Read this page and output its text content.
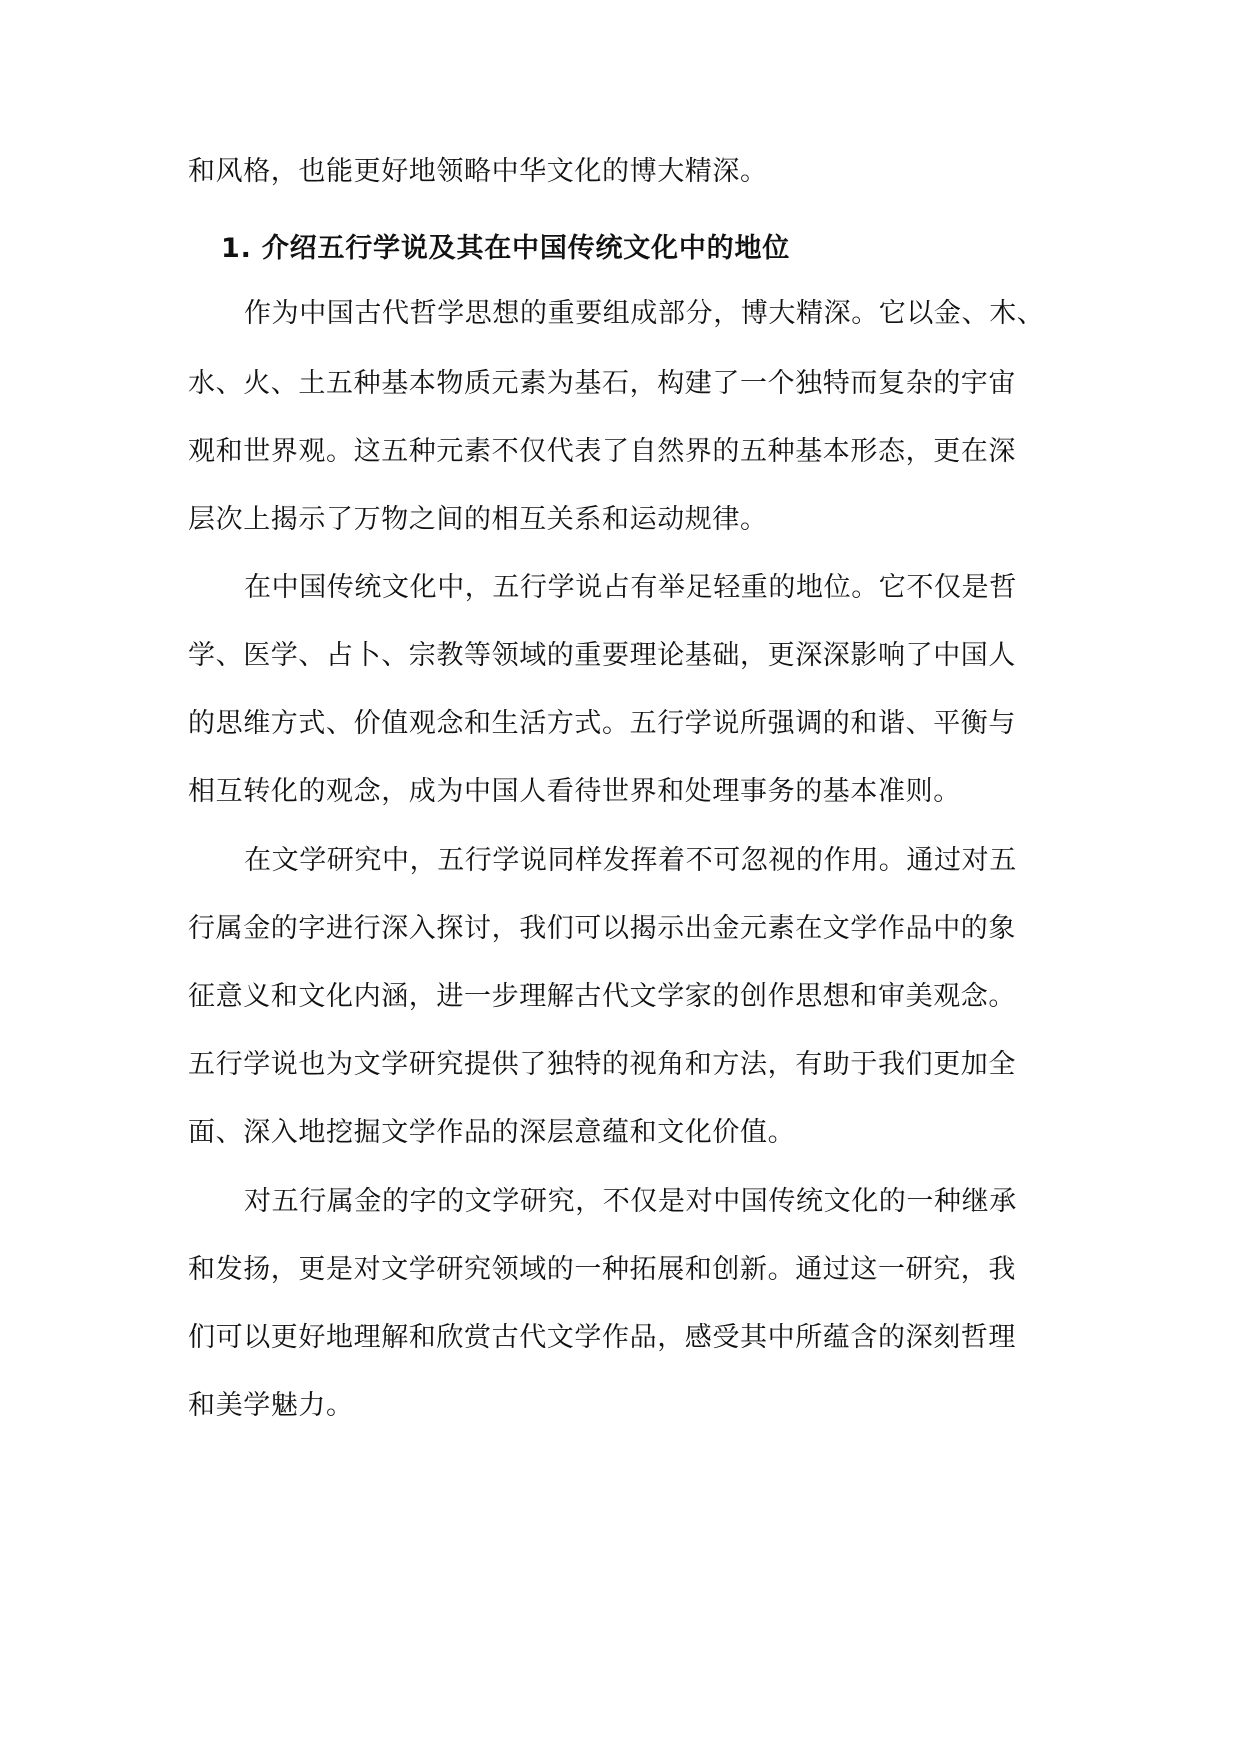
和风格，也能更好地领略中华文化的博大精深。
1. 介绍五行学说及其在中国传统文化中的地位
作为中国古代哲学思想的重要组成部分，博大精深。它以金、木、
水、火、土五种基本物质元素为基石，构建了一个独特而复杂的宇宙
观和世界观。这五种元素不仅代表了自然界的五种基本形态，更在深
层次上揭示了万物之间的相互关系和运动规律。
在中国传统文化中，五行学说占有举足轻重的地位。它不仅是哲
学、医学、占卜、宗教等领域的重要理论基础，更深深影响了中国人
的思维方式、价值观念和生活方式。五行学说所强调的和谐、平衡与
相互转化的观念，成为中国人看待世界和处理事务的基本准则。
在文学研究中，五行学说同样发挥着不可忽视的作用。通过对五
行属金的字进行深入探讨，我们可以揭示出金元素在文学作品中的象
征意义和文化内涵，进一步理解古代文学家的创作思想和审美观念。
五行学说也为文学研究提供了独特的视角和方法，有助于我们更加全
面、深入地挖掘文学作品的深层意蕴和文化价值。
对五行属金的字的文学研究，不仅是对中国传统文化的一种继承
和发扬，更是对文学研究领域的一种拓展和创新。通过这一研究，我
们可以更好地理解和欣赏古代文学作品，感受其中所蕴含的深刻哲理
和美学魅力。
